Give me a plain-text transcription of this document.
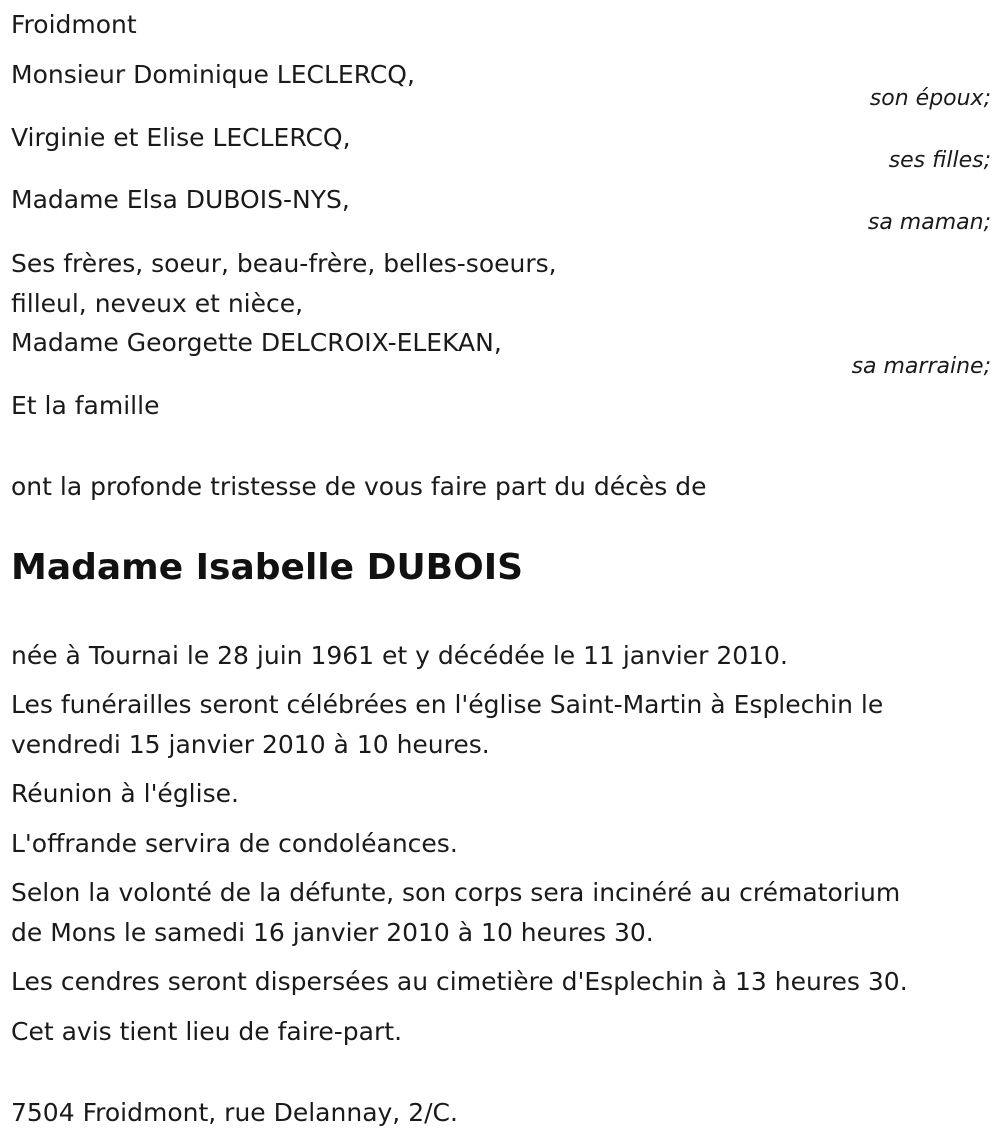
Froidmont
Monsieur Dominique LECLERCQ,
son époux;
Virginie et Elise LECLERCQ,
ses filles;
Madame Elsa DUBOIS-NYS,
sa maman;
Ses frères, soeur, beau-frère, belles-soeurs,
filleul, neveux et nièce,
Madame Georgette DELCROIX-ELEKAN,
sa marraine;
Et la famille
ont la profonde tristesse de vous faire part du décès de
Madame Isabelle DUBOIS
née à Tournai le 28 juin 1961 et y décédée le 11 janvier 2010.
Les funérailles seront célébrées en l'église Saint-Martin à Esplechin le
vendredi 15 janvier 2010 à 10 heures.
Réunion à l'église.
L'offrande servira de condoléances.
Selon la volonté de la défunte, son corps sera incinéré au crématorium
de Mons le samedi 16 janvier 2010 à 10 heures 30.
Les cendres seront dispersées au cimetière d'Esplechin à 13 heures 30.
Cet avis tient lieu de faire-part.
7504 Froidmont, rue Delannay, 2/C.
